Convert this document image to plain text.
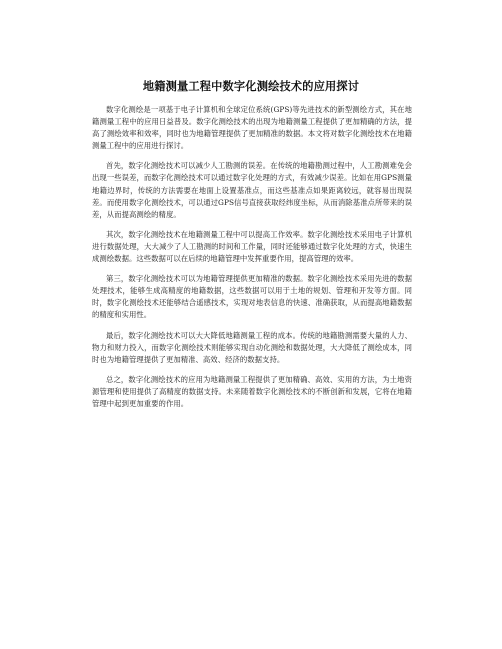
地籍测量工程中数字化测绘技术的应用探讨

数字化测绘是一项基于电子计算机和全球定位系统(GPS)等先进技术的新型测绘方式，其在地籍测量工程中的应用日益普及。数字化测绘技术的出现为地籍测量工程提供了更加精确的方法，提高了测绘效率和效率，同时也为地籍管理提供了更加精准的数据。本文将对数字化测绘技术在地籍测量工程中的应用进行探讨。

首先，数字化测绘技术可以减少人工勘测的误差。在传统的地籍勘测过程中，人工勘测难免会出现一些误差，而数字化测绘技术可以通过数字化处理的方式，有效减少误差。比如在用GPS测量地籍边界时，传统的方法需要在地面上设置基准点，而这些基准点如果距离较远，就容易出现误差。而使用数字化测绘技术，可以通过GPS信号直接获取经纬度坐标，从而消除基准点所带来的误差，从而提高测绘的精度。

其次，数字化测绘技术在地籍测量工程中可以提高工作效率。数字化测绘技术采用电子计算机进行数据处理，大大减少了人工勘测的时间和工作量，同时还能够通过数字化处理的方式，快速生成测绘数据。这些数据可以在后续的地籍管理中发挥重要作用，提高管理的效率。

第三，数字化测绘技术可以为地籍管理提供更加精准的数据。数字化测绘技术采用先进的数据处理技术，能够生成高精度的地籍数据，这些数据可以用于土地的规划、管理和开发等方面。同时，数字化测绘技术还能够结合遥感技术，实现对地表信息的快速、准确获取，从而提高地籍数据的精度和实用性。

最后，数字化测绘技术可以大大降低地籍测量工程的成本。传统的地籍勘测需要大量的人力、物力和财力投入，而数字化测绘技术则能够实现自动化测绘和数据处理，大大降低了测绘成本，同时也为地籍管理提供了更加精准、高效、经济的数据支持。

总之，数字化测绘技术的应用为地籍测量工程提供了更加精确、高效、实用的方法，为土地资源管理和使用提供了高精度的数据支持。未来随着数字化测绘技术的不断创新和发展，它将在地籍管理中起到更加重要的作用。
